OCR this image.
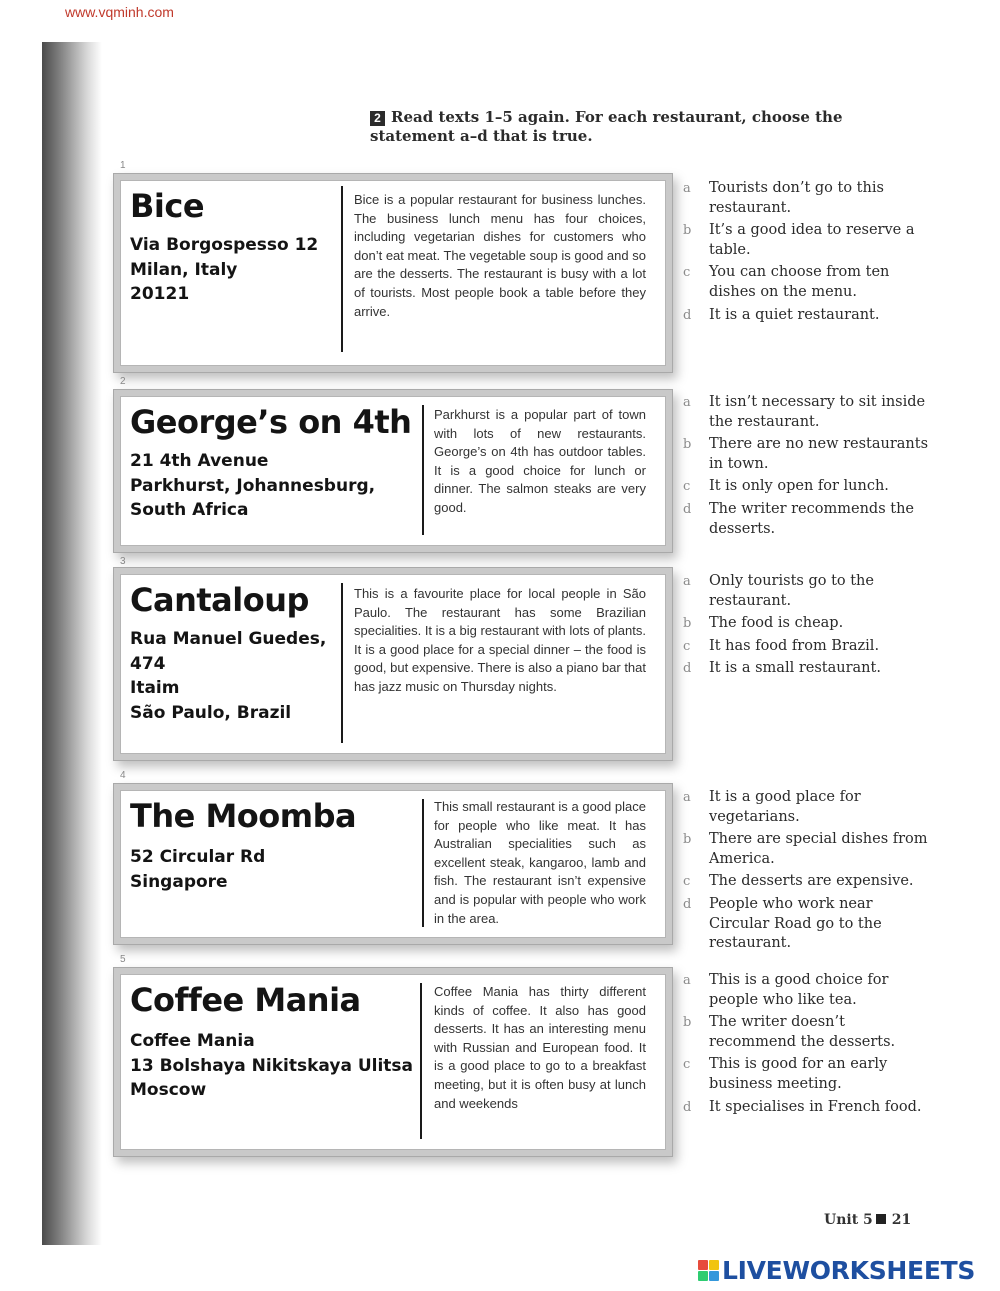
www.vqminh.com
2 Read texts 1–5 again. For each restaurant, choose the statement a–d that is true.
1
Bice
Via Borgospesso 12
Milan, Italy
20121
Bice is a popular restaurant for business lunches. The business lunch menu has four choices, including vegetarian dishes for customers who don’t eat meat. The vegetable soup is good and so are the desserts. The restaurant is busy with a lot of tourists. Most people book a table before they arrive.
a Tourists don’t go to this restaurant.
b It’s a good idea to reserve a table.
c You can choose from ten dishes on the menu.
d It is a quiet restaurant.
2
George’s on 4th
21 4th Avenue
Parkhurst, Johannesburg,
South Africa
Parkhurst is a popular part of town with lots of new restaurants. George’s on 4th has outdoor tables. It is a good choice for lunch or dinner. The salmon steaks are very good.
a It isn’t necessary to sit inside the restaurant.
b There are no new restaurants in town.
c It is only open for lunch.
d The writer recommends the desserts.
3
Cantaloup
Rua Manuel Guedes,
474
Itaim
São Paulo, Brazil
This is a favourite place for local people in São Paulo. The restaurant has some Brazilian specialities. It is a big restaurant with lots of plants. It is a good place for a special dinner – the food is good, but expensive. There is also a piano bar that has jazz music on Thursday nights.
a Only tourists go to the restaurant.
b The food is cheap.
c It has food from Brazil.
d It is a small restaurant.
4
The Moomba
52 Circular Rd
Singapore
This small restaurant is a good place for people who like meat. It has Australian specialities such as excellent steak, kangaroo, lamb and fish. The restaurant isn’t expensive and is popular with people who work in the area.
a It is a good place for vegetarians.
b There are special dishes from America.
c The desserts are expensive.
d People who work near Circular Road go to the restaurant.
5
Coffee Mania
Coffee Mania
13 Bolshaya Nikitskaya Ulitsa
Moscow
Coffee Mania has thirty different kinds of coffee. It also has good desserts. It has an interesting menu with Russian and European food. It is a good place to go to a breakfast meeting, but it is often busy at lunch and weekends
a This is a good choice for people who like tea.
b The writer doesn’t recommend the desserts.
c This is good for an early business meeting.
d It specialises in French food.
Unit 5 21
LIVEWORKSHEETS
